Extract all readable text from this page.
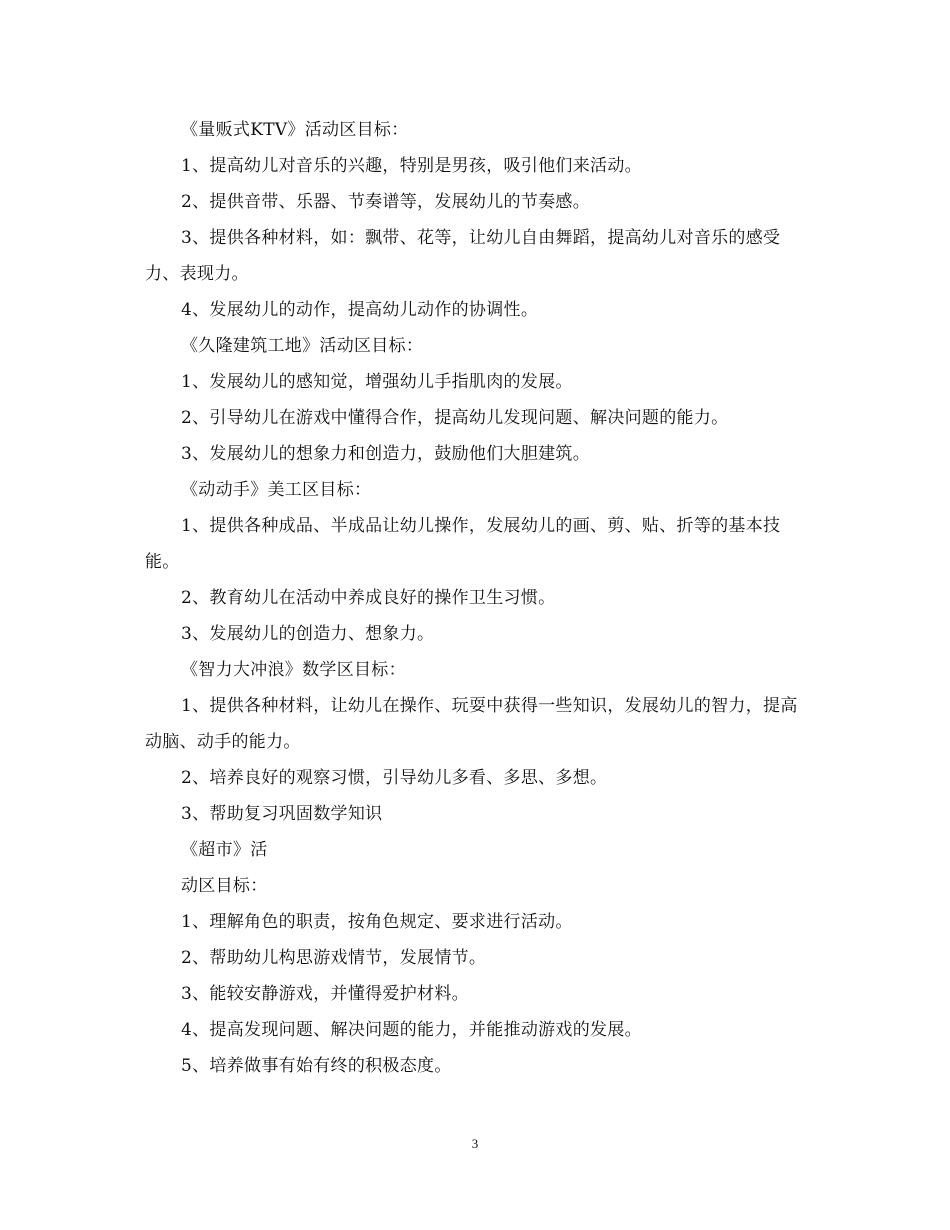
《量贩式KTV》活动区目标：

1、提高幼儿对音乐的兴趣，特别是男孩，吸引他们来活动。

2、提供音带、乐器、节奏谱等，发展幼儿的节奏感。

3、提供各种材料，如：飘带、花等，让幼儿自由舞蹈，提高幼儿对音乐的感受力、表现力。

4、发展幼儿的动作，提高幼儿动作的协调性。

《久隆建筑工地》活动区目标：

1、发展幼儿的感知觉，增强幼儿手指肌肉的发展。

2、引导幼儿在游戏中懂得合作，提高幼儿发现问题、解决问题的能力。

3、发展幼儿的想象力和创造力，鼓励他们大胆建筑。

《动动手》美工区目标：

1、提供各种成品、半成品让幼儿操作，发展幼儿的画、剪、贴、折等的基本技能。

2、教育幼儿在活动中养成良好的操作卫生习惯。

3、发展幼儿的创造力、想象力。

《智力大冲浪》数学区目标：

1、提供各种材料，让幼儿在操作、玩耍中获得一些知识，发展幼儿的智力，提高动脑、动手的能力。

2、培养良好的观察习惯，引导幼儿多看、多思、多想。

3、帮助复习巩固数学知识

《超市》活

动区目标：

1、理解角色的职责，按角色规定、要求进行活动。

2、帮助幼儿构思游戏情节，发展情节。

3、能较安静游戏，并懂得爱护材料。

4、提高发现问题、解决问题的能力，并能推动游戏的发展。

5、培养做事有始有终的积极态度。

3
